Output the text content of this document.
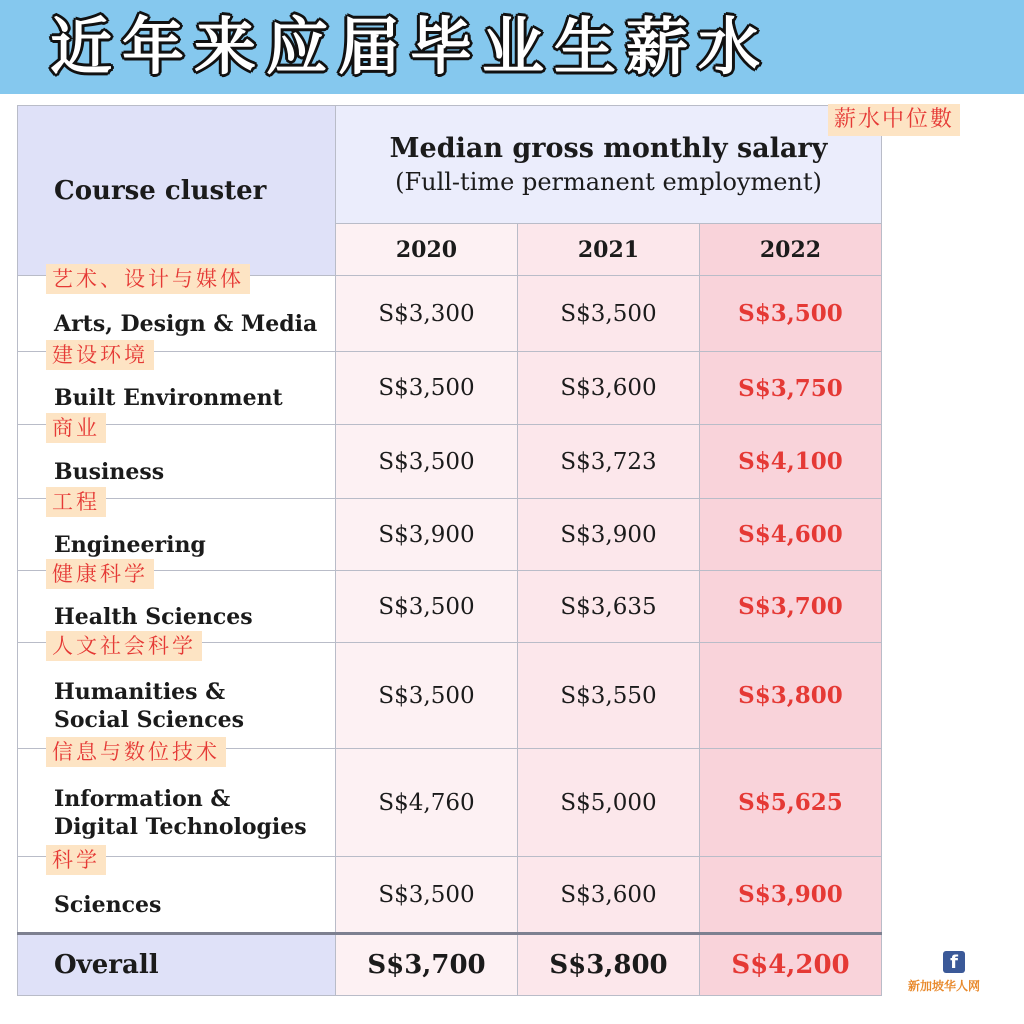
近年来应届毕业生薪水
Course cluster	Median gross monthly salary
(Full-time permanent employment)		

	2020	2021	2022

艺术、设计与媒体
Arts, Design & Media	S$3,300	S$3,500	S$3,500

建设环境
Built Environment	S$3,500	S$3,600	S$3,750

商业
Business	S$3,500	S$3,723	S$4,100

工程
Engineering	S$3,900	S$3,900	S$4,600

健康科学
Health Sciences	S$3,500	S$3,635	S$3,700

人文社会科学
Humanities &
Social Sciences	S$3,500	S$3,550	S$3,800

信息与数位技术
Information &
Digital Technologies	S$4,760	S$5,000	S$5,625

科学
Sciences	S$3,500	S$3,600	S$3,900

Overall	S$3,700	S$3,800	S$4,200
薪水中位數
f
新加坡华人网
